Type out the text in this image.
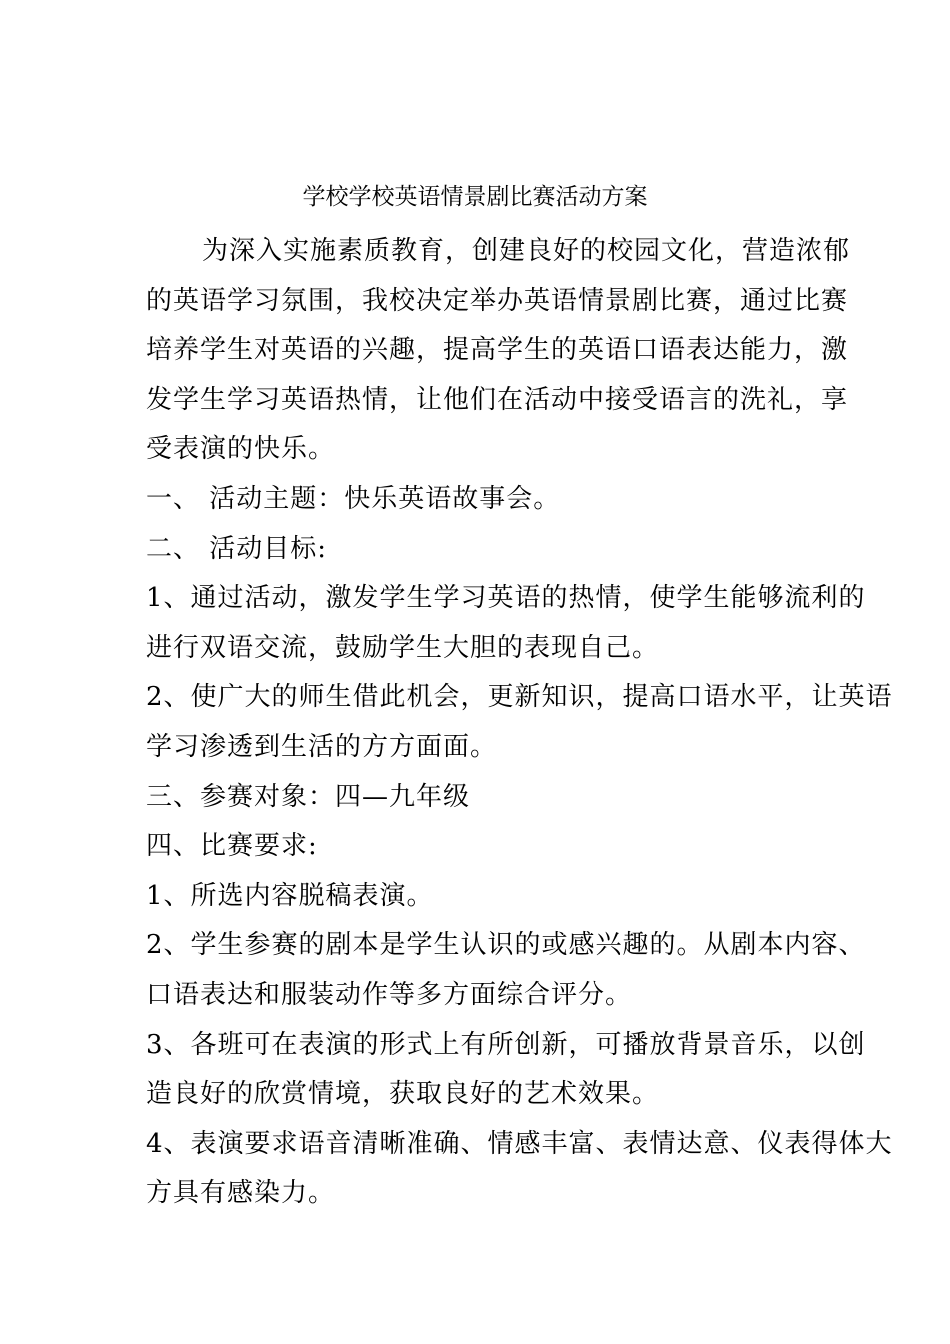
学校学校英语情景剧比赛活动方案
为深入实施素质教育，创建良好的校园文化，营造浓郁
的英语学习氛围，我校决定举办英语情景剧比赛，通过比赛
培养学生对英语的兴趣，提高学生的英语口语表达能力，激
发学生学习英语热情，让他们在活动中接受语言的洗礼，享
受表演的快乐。
一、 活动主题：快乐英语故事会。
二、 活动目标:
1、通过活动，激发学生学习英语的热情，使学生能够流利的
进行双语交流，鼓励学生大胆的表现自己。
2、使广大的师生借此机会，更新知识，提高口语水平，让英语
学习渗透到生活的方方面面。
三、参赛对象：四—九年级
四、比赛要求:
1、所选内容脱稿表演。
2、学生参赛的剧本是学生认识的或感兴趣的。从剧本内容、
口语表达和服装动作等多方面综合评分。
3、各班可在表演的形式上有所创新，可播放背景音乐，以创
造良好的欣赏情境，获取良好的艺术效果。
4、表演要求语音清晰准确、情感丰富、表情达意、仪表得体大
方具有感染力。
